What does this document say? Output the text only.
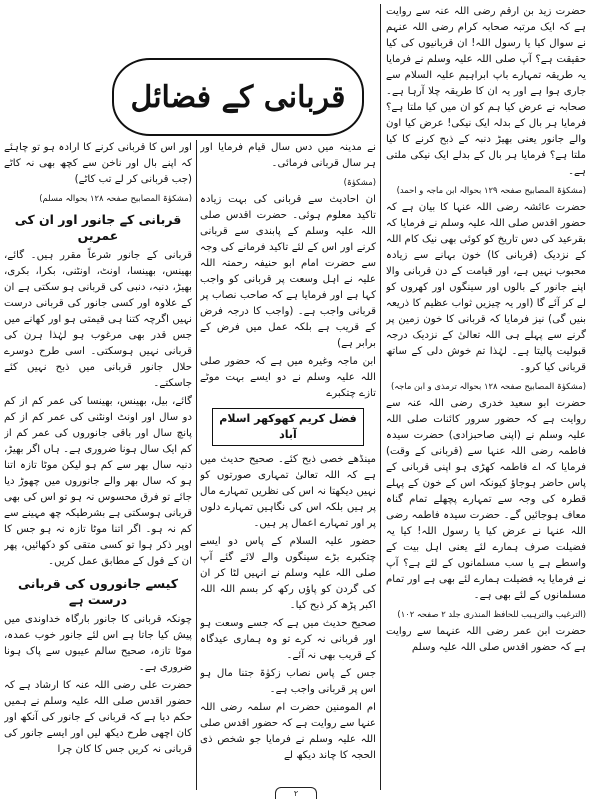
قربانی کے فضائل

حضرت زید بن ارقم رضی اللہ عنہ سے روایت ہے کہ ایک مرتبہ صحابہ کرام رضی اللہ عنہم نے سوال کیا یا رسول اللہ! ان قربانیوں کی کیا حقیقت ہے؟ آپ صلی اللہ علیہ وسلم نے فرمایا یہ طریقہ تمہارے باپ ابراہیم علیہ السلام سے جاری ہوا ہے اور یہ ان کا طریقہ چلا آرہا ہے۔ صحابہ نے عرض کیا ہم کو ان میں کیا ملتا ہے؟ فرمایا ہر بال کے بدلہ ایک نیکی! عرض کیا اون والے جانور یعنی بھیڑ دنبہ کے ذبح کرنے کا کیا ملتا ہے؟ فرمایا ہر بال کے بدلے ایک نیکی ملتی ہے۔

(مشکوٰۃ المصابیح صفحہ ۱۲۹ بحوالہ ابن ماجہ و احمد)

حضرت عائشہ رضی اللہ عنہا کا بیان ہے کہ حضور اقدس صلی اللہ علیہ وسلم نے فرمایا کہ بقرعید کی دس تاریخ کو کوئی بھی نیک کام اللہ کے نزدیک (قربانی کا) خون بہانے سے زیادہ محبوب نہیں ہے، اور قیامت کے دن قربانی والا اپنے جانور کے بالوں اور سینگوں اور کھروں کو لے کر آئے گا (اور یہ چیزیں ثواب عظیم کا ذریعہ بنیں گی) نیز فرمایا کہ قربانی کا خون زمین پر گرنے سے پہلے ہی اللہ تعالیٰ کے نزدیک درجہ قبولیت پالیتا ہے۔ لہٰذا تم خوش دلی کے ساتھ قربانی کیا کرو۔

(مشکوٰۃ المصابیح صفحہ ۱۲۸ بحوالہ ترمذی و ابن ماجہ)

حضرت ابو سعید خدری رضی اللہ عنہ سے روایت ہے کہ حضور سرور کائنات صلی اللہ علیہ وسلم نے (اپنی صاحبزادی) حضرت سیدہ فاطمہ رضی اللہ عنہا سے (قربانی کے وقت) فرمایا کہ اے فاطمہ کھڑی ہو اپنی قربانی کے پاس حاضر ہوجاؤ کیونکہ اس کے خون کے پہلے قطرہ کی وجہ سے تمہارے پچھلے تمام گناہ معاف ہوجائیں گے۔ حضرت سیدہ فاطمہ رضی اللہ عنہا نے عرض کیا یا رسول اللہ! کیا یہ فضیلت صرف ہمارے لئے یعنی اہل بیت کے واسطے ہے یا سب مسلمانوں کے لئے ہے؟ آپ نے فرمایا یہ فضیلت ہمارے لئے بھی ہے اور تمام مسلمانوں کے لئے بھی ہے۔

(الترغیب والترہیب للحافظ المنذری جلد ۲ صفحہ ۱۰۲)

حضرت ابن عمر رضی اللہ عنہما سے روایت ہے کہ حضور اقدس صلی اللہ علیہ وسلم

نے مدینہ میں دس سال قیام فرمایا اور ہر سال قربانی فرمائی۔

(مشکوٰۃ)

ان احادیث سے قربانی کی بہت زیادہ تاکید معلوم ہوئی۔ حضرت اقدس صلی اللہ علیہ وسلم کے پابندی سے قربانی کرنے اور اس کے لئے تاکید فرمانے کی وجہ سے حضرت امام ابو حنیفہ رحمتہ اللہ علیہ نے اہل وسعت پر قربانی کو واجب کہا ہے اور فرمایا ہے کہ صاحب نصاب پر قربانی واجب ہے۔ (واجب کا درجہ فرض کے قریب ہے بلکہ عمل میں فرض کے برابر ہے)

ابن ماجہ وغیرہ میں ہے کہ حضور صلی اللہ علیہ وسلم نے دو ایسے بہت موٹے تازے چتکبرے

فضل کریم کھوکھر اسلام آباد

مینڈھے خصی ذبح کئے۔ صحیح حدیث میں ہے کہ اللہ تعالیٰ تمہاری صورتوں کو نہیں دیکھتا نہ اس کی نظریں تمہارے مال پر ہیں بلکہ اس کی نگاہیں تمہارے دلوں پر اور تمہارے اعمال پر ہیں۔

حضور علیہ السلام کے پاس دو ایسے چتکبرے بڑے سینگوں والے لائے گئے آپ صلی اللہ علیہ وسلم نے انہیں لٹا کر ان کی گردن کو پاؤں رکھ کر بسم اللہ اللہ اکبر پڑھ کر ذبح کیا۔

صحیح حدیث میں ہے کہ جسے وسعت ہو اور قربانی نہ کرے تو وہ ہماری عیدگاہ کے قریب بھی نہ آئے۔

جس کے پاس نصاب زکوٰۃ جتنا مال ہو اس پر قربانی واجب ہے۔

ام المومنین حضرت ام سلمہ رضی اللہ عنہا سے روایت ہے کہ حضور اقدس صلی اللہ علیہ وسلم نے فرمایا جو شخص ذی الحجہ کا چاند دیکھ لے

اور اس کا قربانی کرنے کا ارادہ ہو تو چاہئے کہ اپنے بال اور ناخن سے کچھ بھی نہ کاٹے (جب قربانی کر لے تب کاٹے)

(مشکوٰۃ المصابیح صفحہ ۱۲۸ بحوالہ مسلم)

قربانی کے جانور اور ان کی عمریں

قربانی کے جانور شرعاً مقرر ہیں۔ گائے، بھینس، بھینسا، اونٹ، اونٹنی، بکرا، بکری، بھیڑ، دنبہ، دنبی کی قربانی ہو سکتی ہے ان کے علاوہ اور کسی جانور کی قربانی درست نہیں اگرچہ کتنا ہی قیمتی ہو اور کھانے میں جس قدر بھی مرغوب ہو لہٰذا ہرن کی قربانی نہیں ہوسکتی۔ اسی طرح دوسرے حلال جانور قربانی میں ذبح نہیں کئے جاسکتے۔

گائے، بیل، بھینس، بھینسا کی عمر کم از کم دو سال اور اونٹ اونٹنی کی عمر کم از کم پانچ سال اور باقی جانوروں کی عمر کم از کم ایک سال ہونا ضروری ہے۔ ہاں اگر بھیڑ، دنبہ سال بھر سے کم ہو لیکن موٹا تازہ اتنا ہو کہ سال بھر والے جانوروں میں چھوڑ دیا جائے تو فرق محسوس نہ ہو تو اس کی بھی قربانی ہوسکتی ہے بشرطیکہ چھ مہینے سے کم نہ ہو۔ اگر اتنا موٹا تازہ نہ ہو جس کا اوپر ذکر ہوا تو کسی متقی کو دکھائیں، پھر ان کے قول کے مطابق عمل کریں۔

کیسے جانوروں کی قربانی درست ہے

چونکہ قربانی کا جانور بارگاہ خداوندی میں پیش کیا جاتا ہے اس لئے جانور خوب عمدہ، موٹا تازہ، صحیح سالم عیبوں سے پاک ہونا ضروری ہے۔

حضرت علی رضی اللہ عنہ کا ارشاد ہے کہ حضور اقدس صلی اللہ علیہ وسلم نے ہمیں حکم دیا ہے کہ قربانی کے جانور کی آنکھ اور کان اچھی طرح دیکھ لیں اور ایسے جانور کی قربانی نہ کریں جس کا کان چرا

۲
